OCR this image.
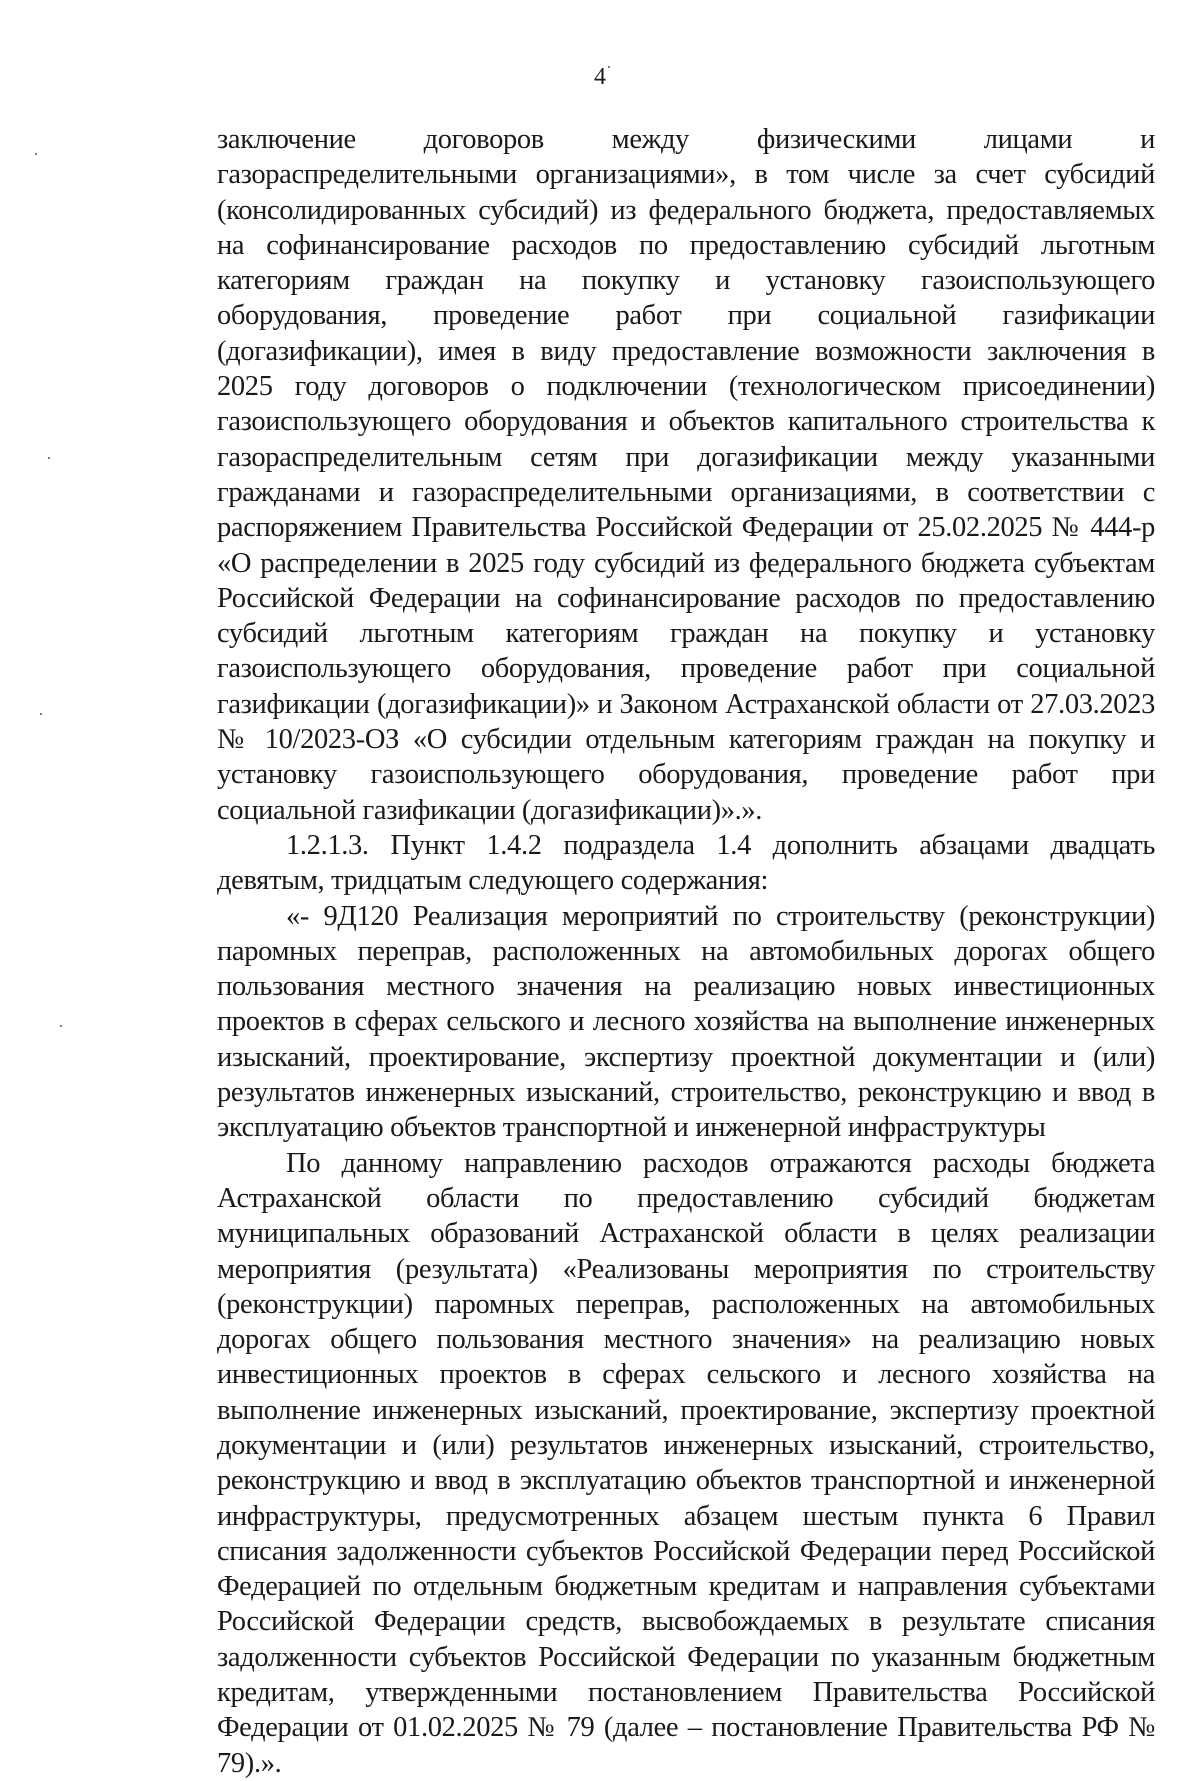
4

заключение договоров между физическими лицами и газораспределительными организациями», в том числе за счет субсидий (консолидированных субсидий) из федерального бюджета, предоставляемых на софинансирование расходов по предоставлению субсидий льготным категориям граждан на покупку и установку газоиспользующего оборудования, проведение работ при социальной газификации (догазификации), имея в виду предоставление возможности заключения в 2025 году договоров о подключении (технологическом присоединении) газоиспользующего оборудования и объектов капитального строительства к газораспределительным сетям при догазификации между указанными гражданами и газораспределительными организациями, в соответствии с распоряжением Правительства Российской Федерации от 25.02.2025 № 444-р «О распределении в 2025 году субсидий из федерального бюджета субъектам Российской Федерации на софинансирование расходов по предоставлению субсидий льготным категориям граждан на покупку и установку газоиспользующего оборудования, проведение работ при социальной газификации (догазификации)» и Законом Астраханской области от 27.03.2023 № 10/2023-ОЗ «О субсидии отдельным категориям граждан на покупку и установку газоиспользующего оборудования, проведение работ при социальной газификации (догазификации)».».

1.2.1.3. Пункт 1.4.2 подраздела 1.4 дополнить абзацами двадцать девятым, тридцатым следующего содержания:

«- 9Д120 Реализация мероприятий по строительству (реконструкции) паромных переправ, расположенных на автомобильных дорогах общего пользования местного значения на реализацию новых инвестиционных проектов в сферах сельского и лесного хозяйства на выполнение инженерных изысканий, проектирование, экспертизу проектной документации и (или) результатов инженерных изысканий, строительство, реконструкцию и ввод в эксплуатацию объектов транспортной и инженерной инфраструктуры

По данному направлению расходов отражаются расходы бюджета Астраханской области по предоставлению субсидий бюджетам муниципальных образований Астраханской области в целях реализации мероприятия (результата) «Реализованы мероприятия по строительству (реконструкции) паромных переправ, расположенных на автомобильных дорогах общего пользования местного значения» на реализацию новых инвестиционных проектов в сферах сельского и лесного хозяйства на выполнение инженерных изысканий, проектирование, экспертизу проектной документации и (или) результатов инженерных изысканий, строительство, реконструкцию и ввод в эксплуатацию объектов транспортной и инженерной инфраструктуры, предусмотренных абзацем шестым пункта 6 Правил списания задолженности субъектов Российской Федерации перед Российской Федерацией по отдельным бюджетным кредитам и направления субъектами Российской Федерации средств, высвобождаемых в результате списания задолженности субъектов Российской Федерации по указанным бюджетным кредитам, утвержденными постановлением Правительства Российской Федерации от 01.02.2025 № 79 (далее – постановление Правительства РФ № 79).».
